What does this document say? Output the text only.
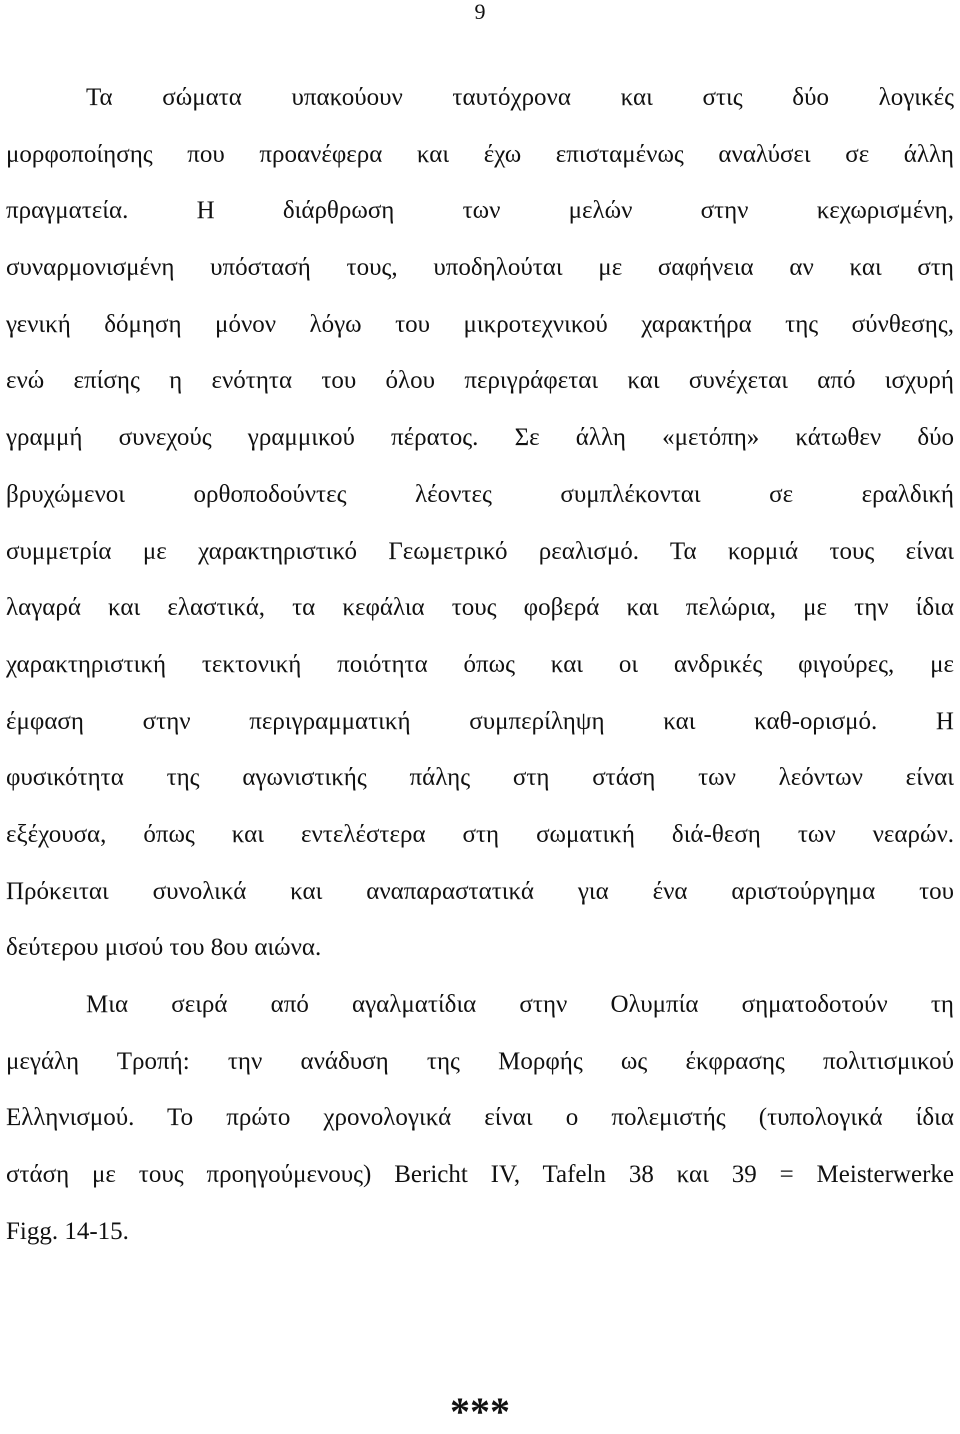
9
Τα σώματα υπακούουν ταυτόχρονα και στις δύο λογικές
μορφοποίησης που προανέφερα και έχω επισταμένως αναλύσει σε άλλη
πραγματεία. Η διάρθρωση των μελών στην κεχωρισμένη,
συναρμονισμένη υπόστασή τους, υποδηλούται με σαφήνεια αν και στη
γενική δόμηση μόνον λόγω του μικροτεχνικού χαρακτήρα της σύνθεσης,
ενώ επίσης η ενότητα του όλου περιγράφεται και συνέχεται από ισχυρή
γραμμή συνεχούς γραμμικού πέρατος. Σε άλλη «μετόπη» κάτωθεν δύο
βρυχώμενοι ορθοποδούντες λέοντες συμπλέκονται σε εραλδική
συμμετρία με χαρακτηριστικό Γεωμετρικό ρεαλισμό. Τα κορμιά τους είναι
λαγαρά και ελαστικά, τα κεφάλια τους φοβερά και πελώρια, με την ίδια
χαρακτηριστική τεκτονική ποιότητα όπως και οι ανδρικές φιγούρες, με
έμφαση στην περιγραμματική συμπερίληψη και καθ-ορισμό. Η
φυσικότητα της αγωνιστικής πάλης στη στάση των λεόντων είναι
εξέχουσα, όπως και εντελέστερα στη σωματική διά-θεση των νεαρών.
Πρόκειται συνολικά και αναπαραστατικά για ένα αριστούργημα του
δεύτερου μισού του 8ου αιώνα.
Μια σειρά από αγαλματίδια στην Ολυμπία σηματοδοτούν τη
μεγάλη Τροπή: την ανάδυση της Μορφής ως έκφρασης πολιτισμικού
Ελληνισμού. Το πρώτο χρονολογικά είναι ο πολεμιστής (τυπολογικά ίδια
στάση με τους προηγούμενους) Bericht IV, Tafeln 38 και 39 = Meisterwerke
Figg. 14-15.
***
